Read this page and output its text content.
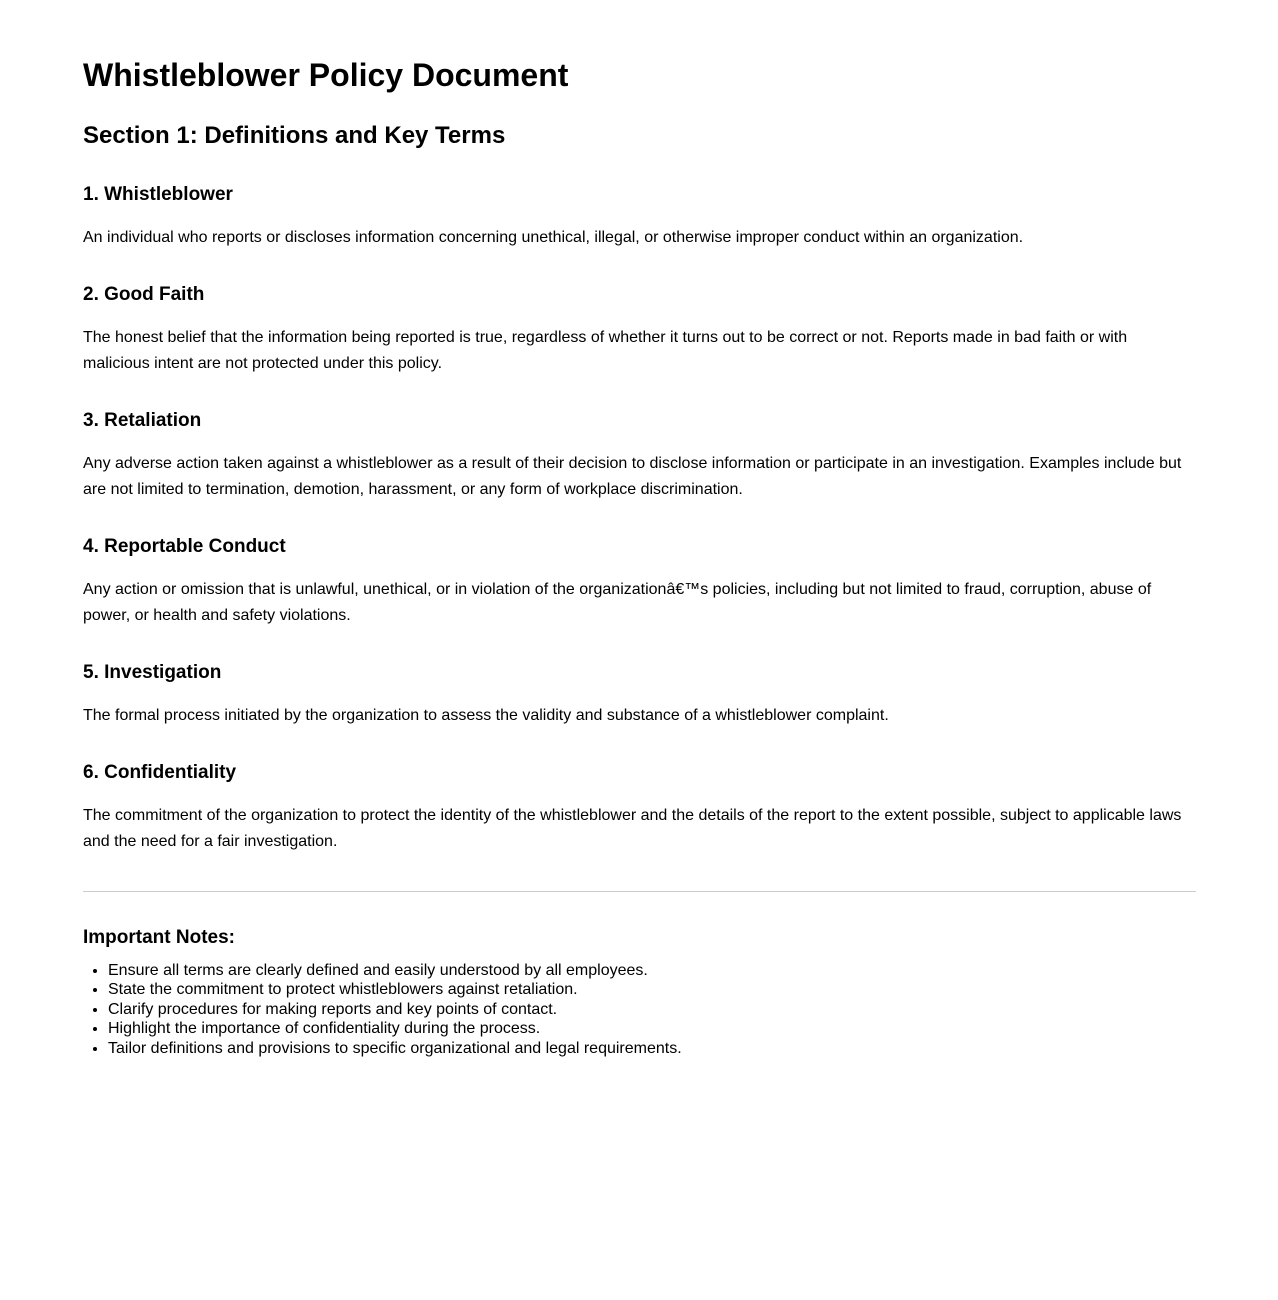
Whistleblower Policy Document
Section 1: Definitions and Key Terms
1. Whistleblower

An individual who reports or discloses information concerning unethical, illegal, or otherwise improper conduct within an organization.

2. Good Faith

The honest belief that the information being reported is true, regardless of whether it turns out to be correct or not. Reports made in bad faith or with malicious intent are not protected under this policy.

3. Retaliation

Any adverse action taken against a whistleblower as a result of their decision to disclose information or participate in an investigation. Examples include but are not limited to termination, demotion, harassment, or any form of workplace discrimination.

4. Reportable Conduct

Any action or omission that is unlawful, unethical, or in violation of the organizationâ€™s policies, including but not limited to fraud, corruption, abuse of power, or health and safety violations.

5. Investigation

The formal process initiated by the organization to assess the validity and substance of a whistleblower complaint.

6. Confidentiality

The commitment of the organization to protect the identity of the whistleblower and the details of the report to the extent possible, subject to applicable laws and the need for a fair investigation.

Important Notes:
• Ensure all terms are clearly defined and easily understood by all employees.
• State the commitment to protect whistleblowers against retaliation.
• Clarify procedures for making reports and key points of contact.
• Highlight the importance of confidentiality during the process.
• Tailor definitions and provisions to specific organizational and legal requirements.
